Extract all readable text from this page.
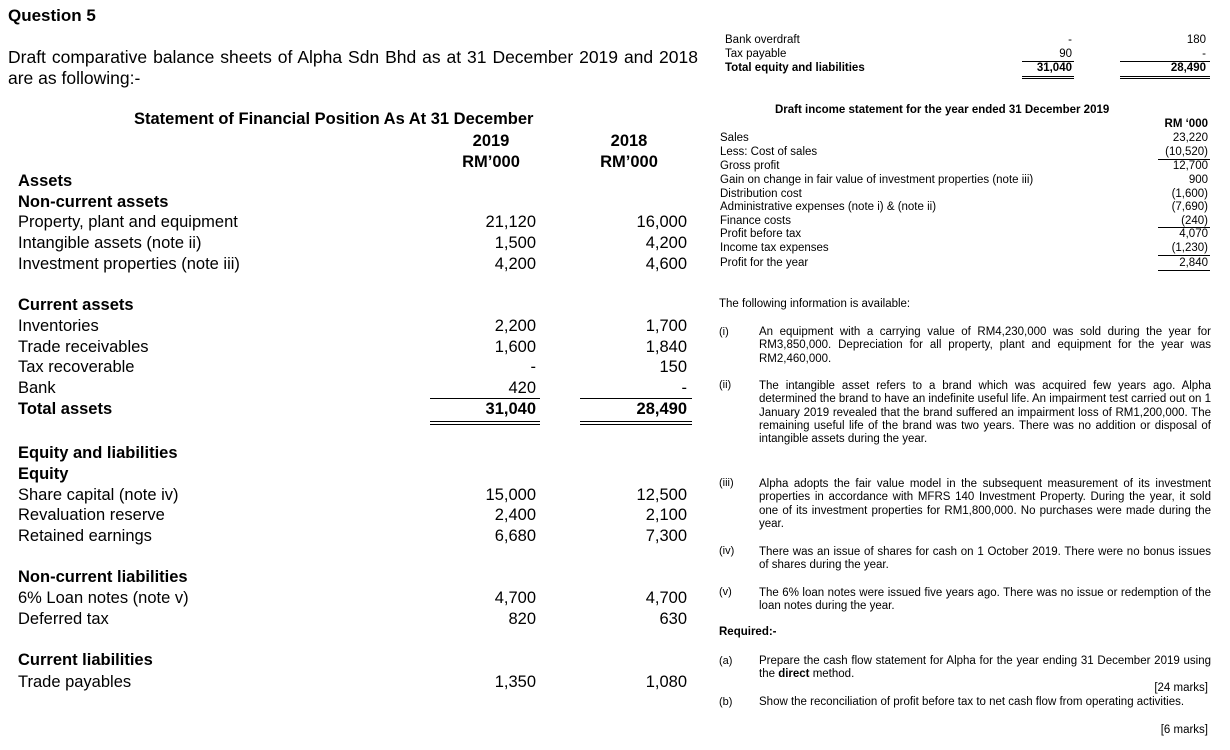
Question 5
Draft comparative balance sheets of Alpha Sdn Bhd as at 31 December 2019 and 2018 are as following:-
Statement of Financial Position As At 31 December
2019
RM’000
2018
RM’000
Assets
Non-current assets
Property, plant and equipment	21,120	16,000
Intangible assets (note ii)	1,500	4,200
Investment properties (note iii)	4,200	4,600
Current assets
Inventories	2,200	1,700
Trade receivables	1,600	1,840
Tax recoverable	-	150
Bank	420	-
Total assets	31,040	28,490
Equity and liabilities
Equity
Share capital (note iv)	15,000	12,500
Revaluation reserve	2,400	2,100
Retained earnings	6,680	7,300
Non-current liabilities
6% Loan notes (note v)	4,700	4,700
Deferred tax	820	630
Current liabilities
Trade payables	1,350	1,080
Bank overdraft	-	180
Tax payable	90	-
Total equity and liabilities	31,040	28,490
Draft income statement for the year ended 31 December 2019
RM ‘000
Sales	23,220
Less: Cost of sales	(10,520)
Gross profit	12,700
Gain on change in fair value of investment properties (note iii)	900
Distribution cost	(1,600)
Administrative expenses (note i) & (note ii)	(7,690)
Finance costs	(240)
Profit before tax	4,070
Income tax expenses	(1,230)
Profit for the year	2,840
The following information is available:
(i)	An equipment with a carrying value of RM4,230,000 was sold during the year for RM3,850,000. Depreciation for all property, plant and equipment for the year was RM2,460,000.
(ii) The intangible asset refers to a brand which was acquired few years ago. Alpha determined the brand to have an indefinite useful life. An impairment test carried out on 1 January 2019 revealed that the brand suffered an impairment loss of RM1,200,000. The remaining useful life of the brand was two years. There was no addition or disposal of intangible assets during the year.
(iii) Alpha adopts the fair value model in the subsequent measurement of its investment properties in accordance with MFRS 140 Investment Property. During the year, it sold one of its investment properties for RM1,800,000. No purchases were made during the year.
(iv) There was an issue of shares for cash on 1 October 2019. There were no bonus issues of shares during the year.
(v) The 6% loan notes were issued five years ago. There was no issue or redemption of the loan notes during the year.
Required:-
(a) Prepare the cash flow statement for Alpha for the year ending 31 December 2019 using the direct method.
[24 marks]
(b) Show the reconciliation of profit before tax to net cash flow from operating activities.
[6 marks]
